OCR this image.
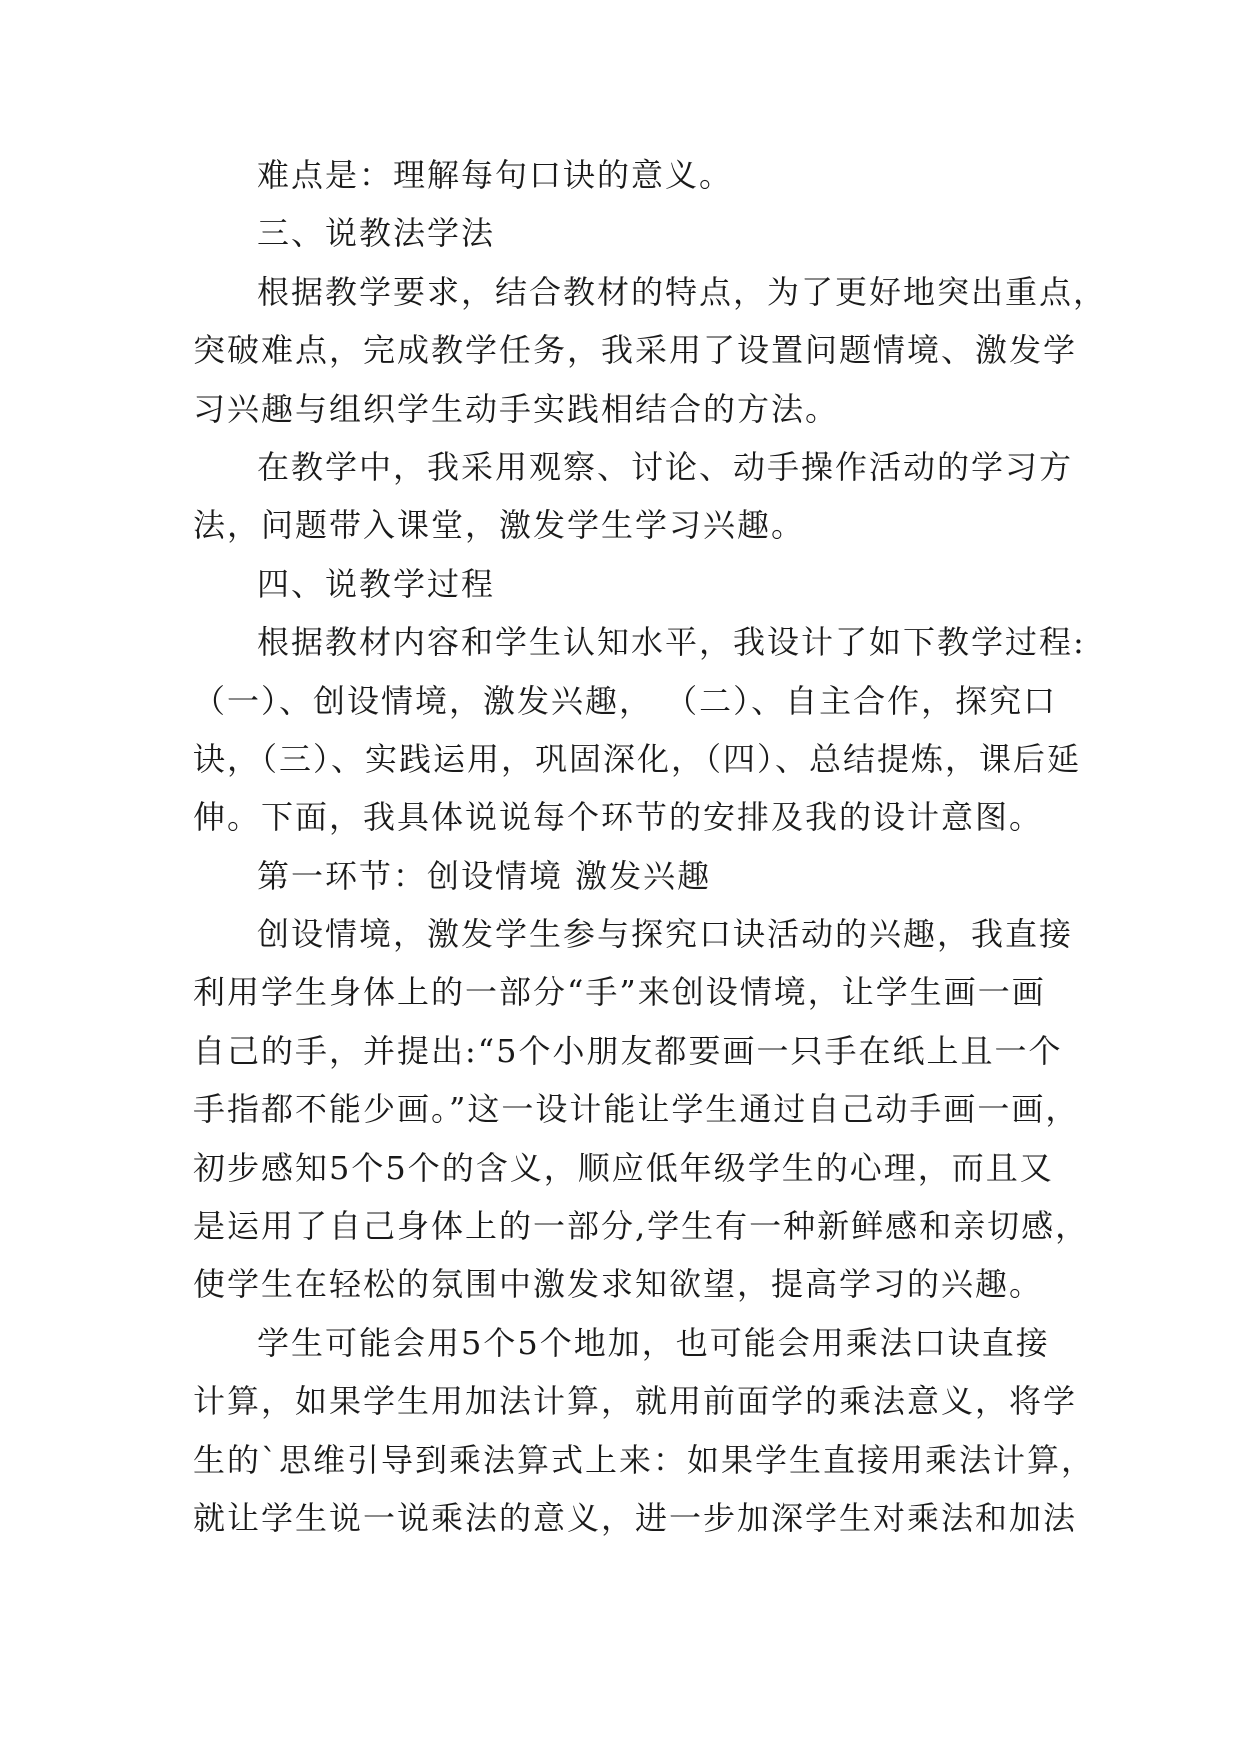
难点是：理解每句口诀的意义。
三、说教法学法
根据教学要求，结合教材的特点，为了更好地突出重点，
突破难点，完成教学任务，我采用了设置问题情境、激发学
习兴趣与组织学生动手实践相结合的方法。
在教学中，我采用观察、讨论、动手操作活动的学习方
法，问题带入课堂，激发学生学习兴趣。
四、说教学过程
根据教材内容和学生认知水平，我设计了如下教学过程:
（一）、创设情境，激发兴趣， （二）、自主合作，探究口
诀，（三）、实践运用，巩固深化，（四）、总结提炼，课后延
伸。下面，我具体说说每个环节的安排及我的设计意图。
第一环节：创设情境 激发兴趣
创设情境，激发学生参与探究口诀活动的兴趣，我直接
利用学生身体上的一部分“手”来创设情境，让学生画一画
自己的手，并提出:“5个小朋友都要画一只手在纸上且一个
手指都不能少画。”这一设计能让学生通过自己动手画一画，
初步感知5个5个的含义，顺应低年级学生的心理，而且又
是运用了自己身体上的一部分,学生有一种新鲜感和亲切感，
使学生在轻松的氛围中激发求知欲望，提高学习的兴趣。
学生可能会用5个5个地加，也可能会用乘法口诀直接
计算，如果学生用加法计算，就用前面学的乘法意义，将学
生的`思维引导到乘法算式上来：如果学生直接用乘法计算，
就让学生说一说乘法的意义，进一步加深学生对乘法和加法
